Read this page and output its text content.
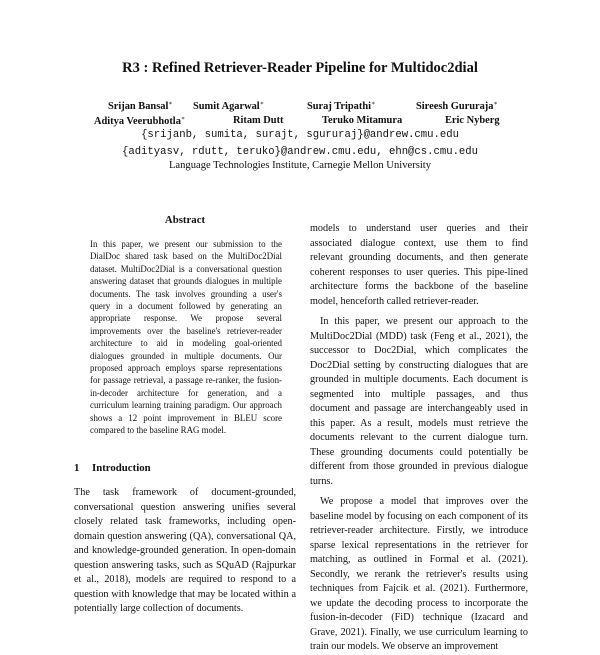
R3 : Refined Retriever-Reader Pipeline for Multidoc2dial
Srijan Bansal∗ Sumit Agarwal∗	Suraj Tripathi∗	Sireesh Gururaja∗
Aditya Veerubhotla∗	Ritam Dutt	Teruko Mitamura	Eric Nyberg
{srijanb, sumita, surajt, sgururaj}@andrew.cmu.edu
{adityasv, rdutt, teruko}@andrew.cmu.edu, ehn@cs.cmu.edu
Language Technologies Institute, Carnegie Mellon University
Abstract
In this paper, we present our submission to the DialDoc shared task based on the MultiDoc2Dial dataset. MultiDoc2Dial is a conversational question answering dataset that grounds dialogues in multiple documents. The task involves grounding a user's query in a document followed by generating an appropriate response. We propose several improvements over the baseline's retriever-reader architecture to aid in modeling goal-oriented dialogues grounded in multiple documents. Our proposed approach employs sparse representations for passage retrieval, a passage re-ranker, the fusion-in-decoder architecture for generation, and a curriculum learning training paradigm. Our approach shows a 12 point improvement in BLEU score compared to the baseline RAG model.
1 Introduction
The task framework of document-grounded, conversational question answering unifies several closely related task frameworks, including open-domain question answering (QA), conversational QA, and knowledge-grounded generation. In open-domain question answering tasks, such as SQuAD (Rajpurkar et al., 2018), models are required to respond to a question with knowledge that may be located within a potentially large collection of documents.

models to understand user queries and their associated dialogue context, use them to find relevant grounding documents, and then generate coherent responses to user queries. This pipe-lined architecture forms the backbone of the baseline model, henceforth called retriever-reader.

In this paper, we present our approach to the MultiDoc2Dial (MDD) task (Feng et al., 2021), the successor to Doc2Dial, which complicates the Doc2Dial setting by constructing dialogues that are grounded in multiple documents. Each document is segmented into multiple passages, and thus document and passage are interchangeably used in this paper. As a result, models must retrieve the documents relevant to the current dialogue turn. These grounding documents could potentially be different from those grounded in previous dialogue turns.

We propose a model that improves over the baseline model by focusing on each component of its retriever-reader architecture. Firstly, we introduce sparse lexical representations in the retriever for matching, as outlined in Formal et al. (2021). Secondly, we rerank the retriever's results using techniques from Fajcik et al. (2021). Furthermore, we update the decoding process to incorporate the fusion-in-decoder (FiD) technique (Izacard and Grave, 2021). Finally, we use curriculum learning to train our models. We observe an improvement
